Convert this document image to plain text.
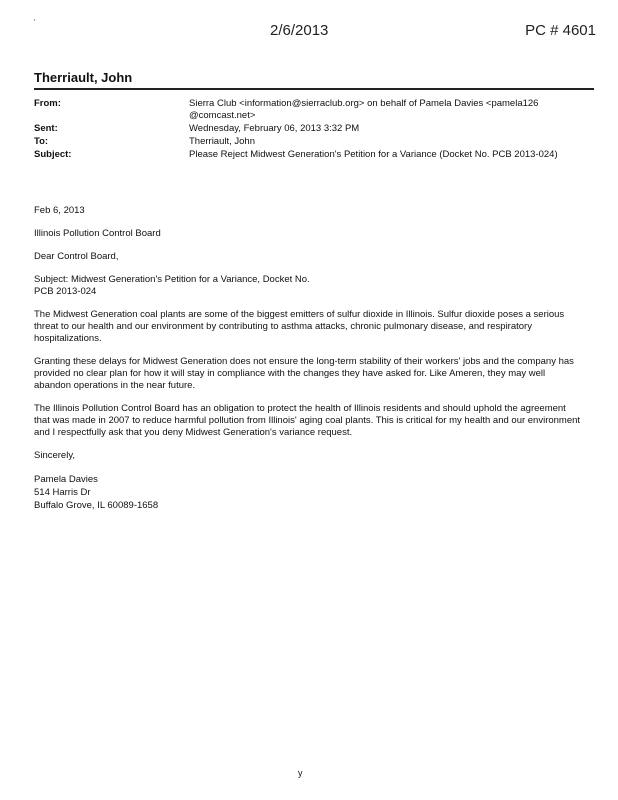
'	2/6/2013	PC # 4601
Therriault, John
From:	Sierra Club <information@sierraclub.org> on behalf of Pamela Davies <pamela126 @comcast.net>
Sent:	Wednesday, February 06, 2013 3:32 PM
To:	Therriault, John
Subject:	Please Reject Midwest Generation's Petition for a Variance (Docket No. PCB 2013-024)

Feb 6, 2013

Illinois Pollution Control Board

Dear Control Board,

Subject: Midwest Generation's Petition for a Variance, Docket No.
PCB 2013-024

The Midwest Generation coal plants are some of the biggest emitters of sulfur dioxide in Illinois. Sulfur dioxide poses a serious threat to our health and our environment by contributing to asthma attacks, chronic pulmonary disease, and respiratory hospitalizations.

Granting these delays for Midwest Generation does not ensure the long-term stability of their workers' jobs and the company has provided no clear plan for how it will stay in compliance with the changes they have asked for. Like Ameren, they may well abandon operations in the near future.

The Illinois Pollution Control Board has an obligation to protect the health of Illinois residents and should uphold the agreement that was made in 2007 to reduce harmful pollution from Illinois' aging coal plants. This is critical for my health and our environment and I respectfully ask that you deny Midwest Generation's variance request.

Sincerely,

Pamela Davies
514 Harris Dr
Buffalo Grove, IL 60089-1658
y
